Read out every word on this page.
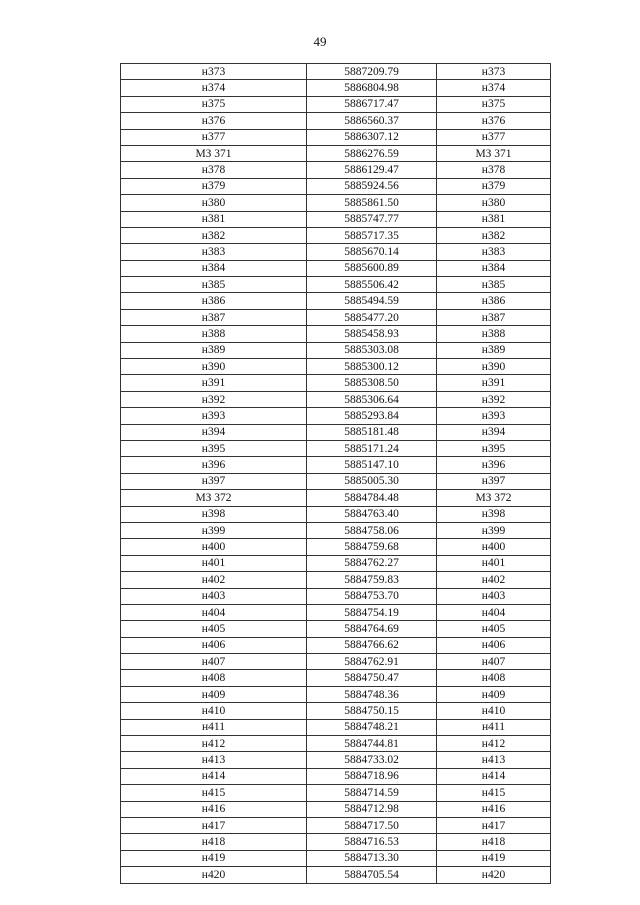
49
н373	5887209.79	н373
н374	5886804.98	н374
н375	5886717.47	н375
н376	5886560.37	н376
н377	5886307.12	н377
МЗ 371	5886276.59	МЗ 371
н378	5886129.47	н378
н379	5885924.56	н379
н380	5885861.50	н380
н381	5885747.77	н381
н382	5885717.35	н382
н383	5885670.14	н383
н384	5885600.89	н384
н385	5885506.42	н385
н386	5885494.59	н386
н387	5885477.20	н387
н388	5885458.93	н388
н389	5885303.08	н389
н390	5885300.12	н390
н391	5885308.50	н391
н392	5885306.64	н392
н393	5885293.84	н393
н394	5885181.48	н394
н395	5885171.24	н395
н396	5885147.10	н396
н397	5885005.30	н397
МЗ 372	5884784.48	МЗ 372
н398	5884763.40	н398
н399	5884758.06	н399
н400	5884759.68	н400
н401	5884762.27	н401
н402	5884759.83	н402
н403	5884753.70	н403
н404	5884754.19	н404
н405	5884764.69	н405
н406	5884766.62	н406
н407	5884762.91	н407
н408	5884750.47	н408
н409	5884748.36	н409
н410	5884750.15	н410
н411	5884748.21	н411
н412	5884744.81	н412
н413	5884733.02	н413
н414	5884718.96	н414
н415	5884714.59	н415
н416	5884712.98	н416
н417	5884717.50	н417
н418	5884716.53	н418
н419	5884713.30	н419
н420	5884705.54	н420
